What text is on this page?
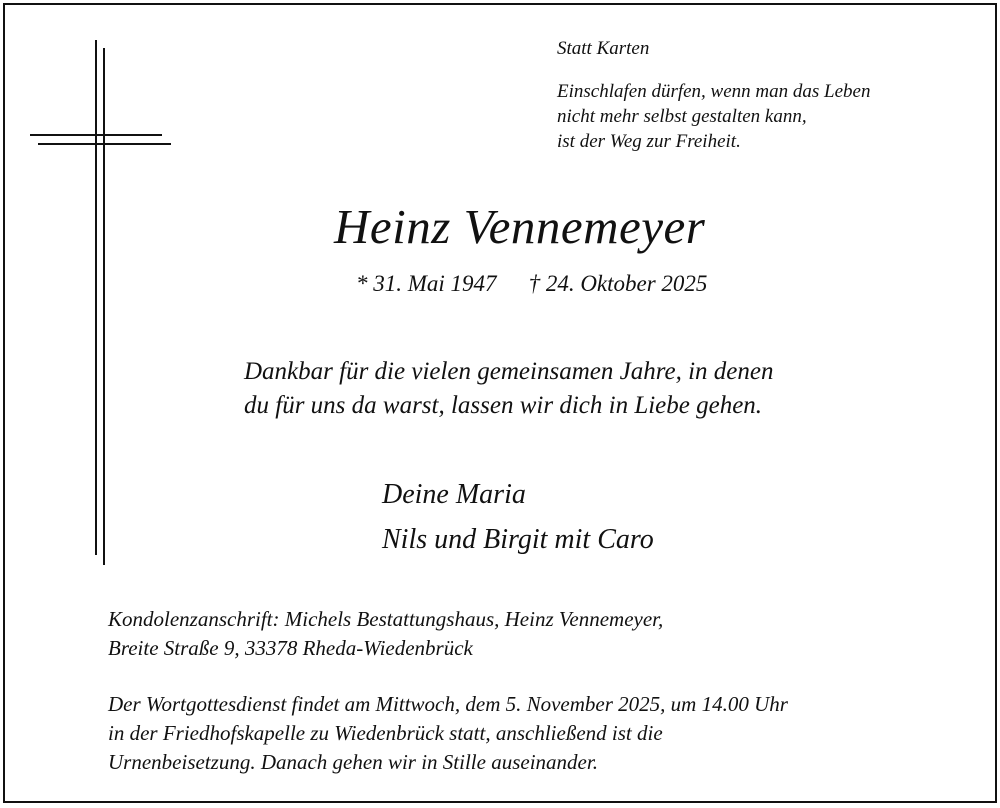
Statt Karten

Einschlafen dürfen, wenn man das Leben
nicht mehr selbst gestalten kann,
ist der Weg zur Freiheit.
Heinz Vennemeyer
* 31. Mai 1947 † 24. Oktober 2025
Dankbar für die vielen gemeinsamen Jahre, in denen
du für uns da warst, lassen wir dich in Liebe gehen.
Deine Maria
Nils und Birgit mit Caro
Kondolenzanschrift: Michels Bestattungshaus, Heinz Vennemeyer,
Breite Straße 9, 33378 Rheda-Wiedenbrück
Der Wortgottesdienst findet am Mittwoch, dem 5. November 2025, um 14.00 Uhr
in der Friedhofskapelle zu Wiedenbrück statt, anschließend ist die
Urnenbeisetzung. Danach gehen wir in Stille auseinander.
